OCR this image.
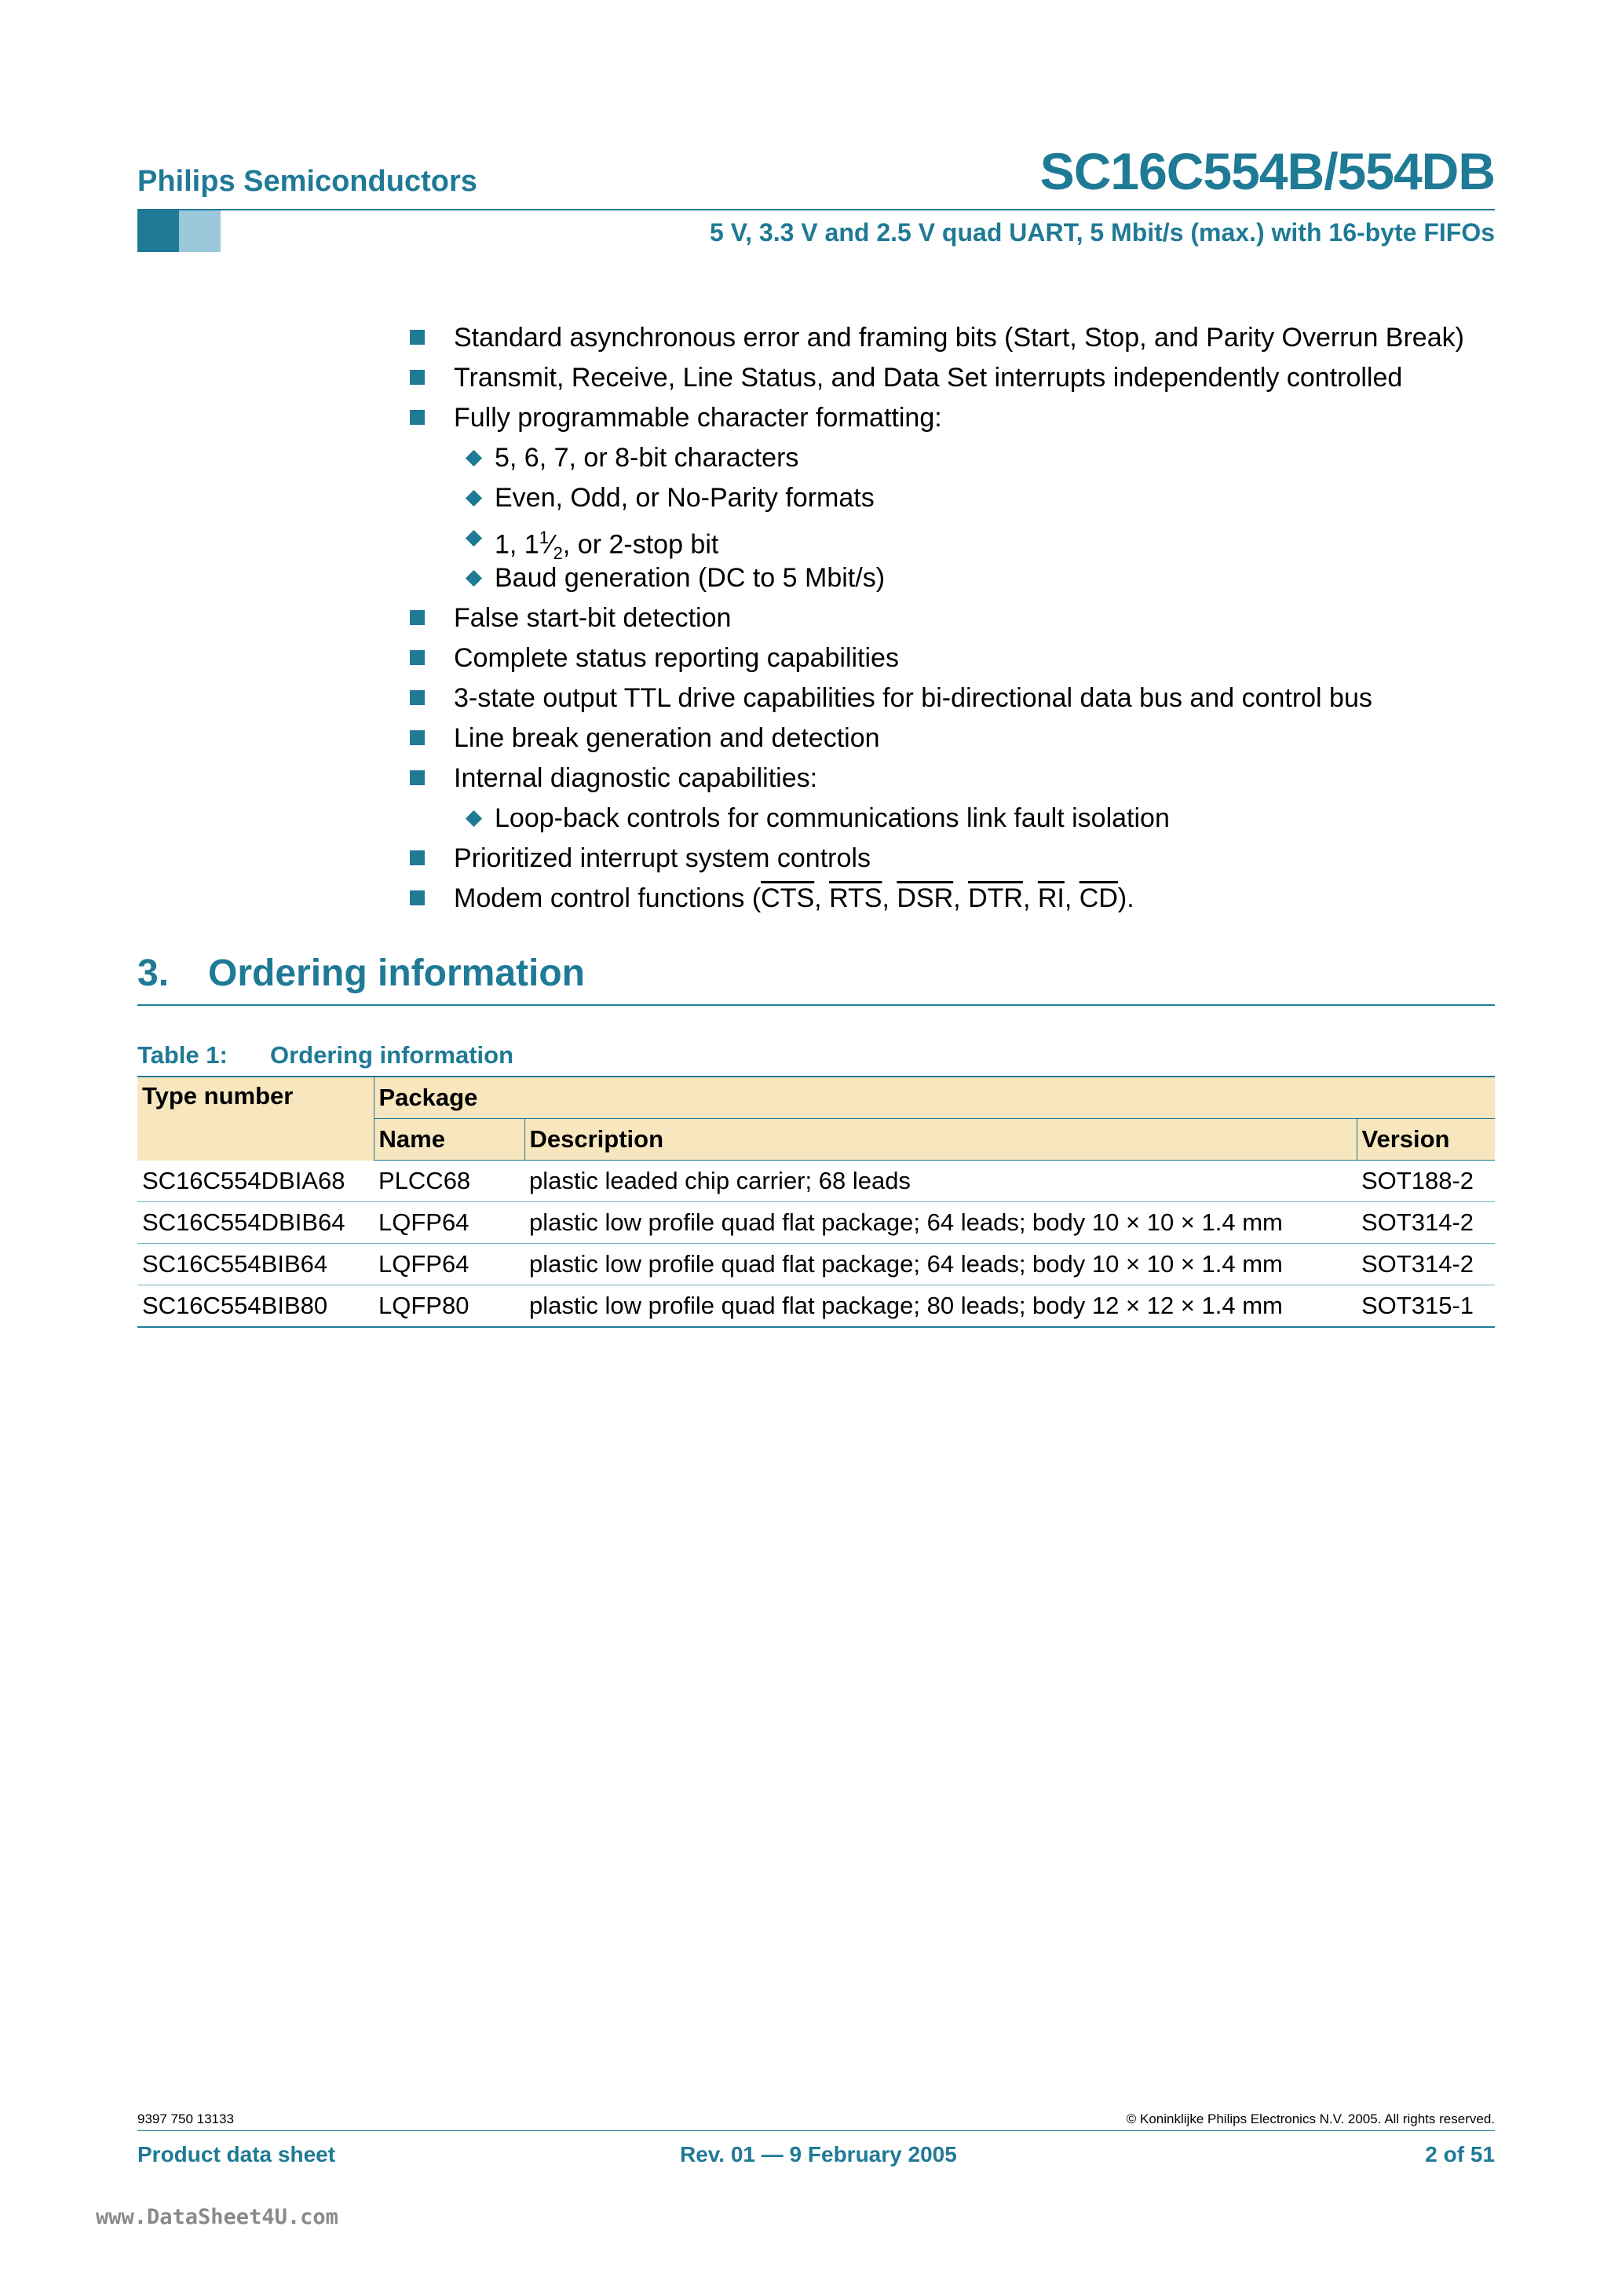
Philips Semiconductors	SC16C554B/554DB
5 V, 3.3 V and 2.5 V quad UART, 5 Mbit/s (max.) with 16-byte FIFOs
Standard asynchronous error and framing bits (Start, Stop, and Parity Overrun Break)
Transmit, Receive, Line Status, and Data Set interrupts independently controlled
Fully programmable character formatting:
5, 6, 7, or 8-bit characters
Even, Odd, or No-Parity formats
1, $1^1⁄_2$, or 2-stop bit
Baud generation (DC to 5 Mbit/s)
False start-bit detection
Complete status reporting capabilities
3-state output TTL drive capabilities for bi-directional data bus and control bus
Line break generation and detection
Internal diagnostic capabilities:
Loop-back controls for communications link fault isolation
Prioritized interrupt system controls
Modem control functions ($\overline{CTS}$, $\overline{RTS}$, $\overline{DSR}$, $\overline{DTR}$, $\overline{RI}$, $\overline{CD}$).
3. Ordering information
Table 1: Ordering information
Type number	Package		
	Name	Description	Version
SC16C554DBIA68	PLCC68	plastic leaded chip carrier; 68 leads	SOT188-2
SC16C554DBIB64	LQFP64	plastic low profile quad flat package; 64 leads; body 10 × 10 × 1.4 mm	SOT314-2
SC16C554BIB64	LQFP64	plastic low profile quad flat package; 64 leads; body 10 × 10 × 1.4 mm	SOT314-2
SC16C554BIB80	LQFP80	plastic low profile quad flat package; 80 leads; body 12 × 12 × 1.4 mm	SOT315-1
9397 750 13133	© Koninklijke Philips Electronics N.V. 2005. All rights reserved.
Product data sheet	Rev. 01 — 9 February 2005	2 of 51
www.DataSheet4U.com
